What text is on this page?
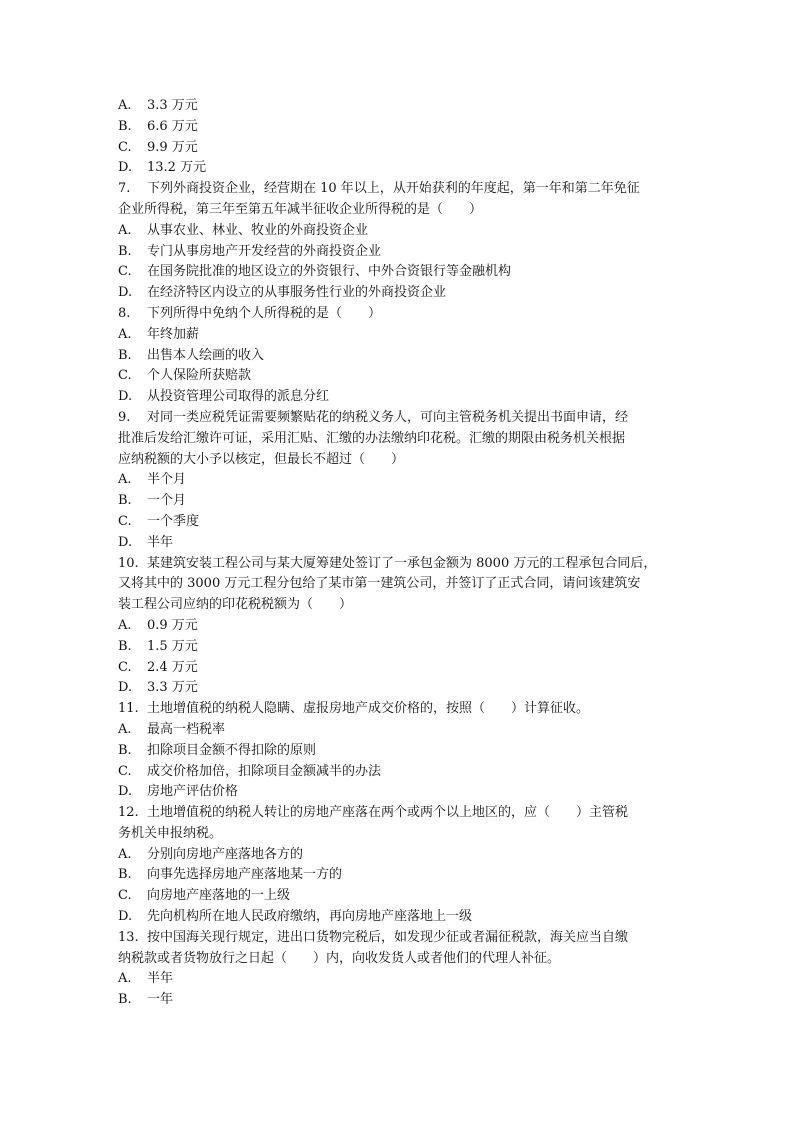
A. 3.3 万元
B. 6.6 万元
C. 9.9 万元
D. 13.2 万元
7. 下列外商投资企业，经营期在 10 年以上，从开始获利的年度起，第一年和第二年免征
企业所得税，第三年至第五年减半征收企业所得税的是（　　）
A. 从事农业、林业、牧业的外商投资企业
B. 专门从事房地产开发经营的外商投资企业
C. 在国务院批准的地区设立的外资银行、中外合资银行等金融机构
D. 在经济特区内设立的从事服务性行业的外商投资企业
8. 下列所得中免纳个人所得税的是（　　）
A. 年终加薪
B. 出售本人绘画的收入
C. 个人保险所获赔款
D. 从投资管理公司取得的派息分红
9. 对同一类应税凭证需要频繁贴花的纳税义务人，可向主管税务机关提出书面申请，经
批准后发给汇缴许可证，采用汇贴、汇缴的办法缴纳印花税。汇缴的期限由税务机关根据
应纳税额的大小予以核定，但最长不超过（　　）
A. 半个月
B. 一个月
C. 一个季度
D. 半年
10. 某建筑安装工程公司与某大厦筹建处签订了一承包金额为 8000 万元的工程承包合同后，
又将其中的 3000 万元工程分包给了某市第一建筑公司，并签订了正式合同，请问该建筑安
装工程公司应纳的印花税税额为（　　）
A. 0.9 万元
B. 1.5 万元
C. 2.4 万元
D. 3.3 万元
11. 土地增值税的纳税人隐瞒、虚报房地产成交价格的，按照（　　）计算征收。
A. 最高一档税率
B. 扣除项目金额不得扣除的原则
C. 成交价格加倍，扣除项目金额减半的办法
D. 房地产评估价格
12. 土地增值税的纳税人转让的房地产座落在两个或两个以上地区的，应（　　）主管税
务机关申报纳税。
A. 分别向房地产座落地各方的
B. 向事先选择房地产座落地某一方的
C. 向房地产座落地的一上级
D. 先向机构所在地人民政府缴纳，再向房地产座落地上一级
13. 按中国海关现行规定，进出口货物完税后，如发现少征或者漏征税款，海关应当自缴
纳税款或者货物放行之日起（　　）内，向收发货人或者他们的代理人补征。
A. 半年
B. 一年
